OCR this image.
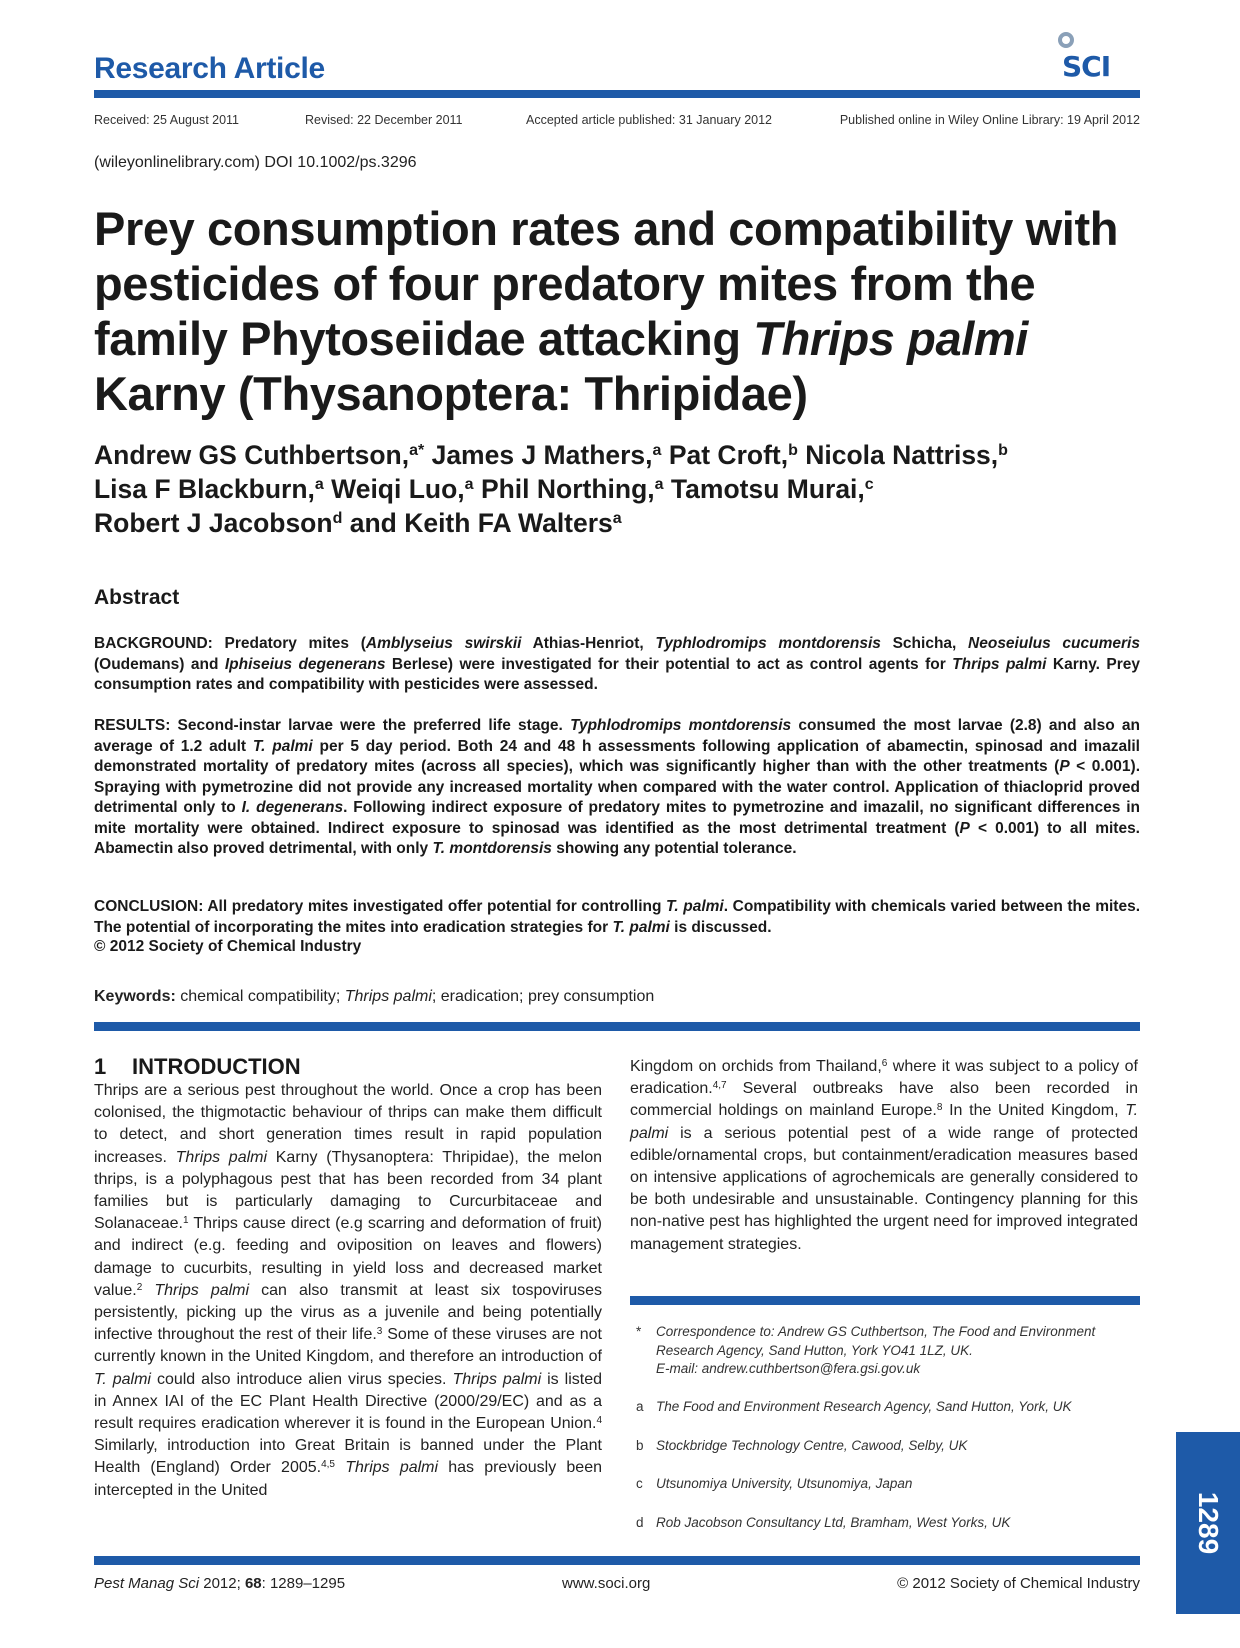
Research Article	SCI
Received: 25 August 2011	Revised: 22 December 2011	Accepted article published: 31 January 2012	Published online in Wiley Online Library: 19 April 2012
(wileyonlinelibrary.com) DOI 10.1002/ps.3296
Prey consumption rates and compatibility with pesticides of four predatory mites from the family Phytoseiidae attacking Thrips palmi Karny (Thysanoptera: Thripidae)
Andrew GS Cuthbertson,$^{a*}$ James J Mathers,$^a$ Pat Croft,$^b$ Nicola Nattriss,$^b$
Lisa F Blackburn,$^a$ Weiqi Luo,$^a$ Phil Northing,$^a$ Tamotsu Murai,$^c$
Robert J Jacobson$^d$ and Keith FA Walters$^a$
Abstract
BACKGROUND: Predatory mites (Amblyseius swirskii Athias-Henriot, Typhlodromips montdorensis Schicha, Neoseiulus cucumeris (Oudemans) and Iphiseius degenerans Berlese) were investigated for their potential to act as control agents for Thrips palmi Karny. Prey consumption rates and compatibility with pesticides were assessed.
RESULTS: Second-instar larvae were the preferred life stage. Typhlodromips montdorensis consumed the most larvae (2.8) and also an average of 1.2 adult T. palmi per 5 day period. Both 24 and 48 h assessments following application of abamectin, spinosad and imazalil demonstrated mortality of predatory mites (across all species), which was significantly higher than with the other treatments (P < 0.001). Spraying with pymetrozine did not provide any increased mortality when compared with the water control. Application of thiacloprid proved detrimental only to I. degenerans. Following indirect exposure of predatory mites to pymetrozine and imazalil, no significant differences in mite mortality were obtained. Indirect exposure to spinosad was identified as the most detrimental treatment (P < 0.001) to all mites. Abamectin also proved detrimental, with only T. montdorensis showing any potential tolerance.
CONCLUSION: All predatory mites investigated offer potential for controlling T. palmi. Compatibility with chemicals varied between the mites. The potential of incorporating the mites into eradication strategies for T. palmi is discussed.
© 2012 Society of Chemical Industry
Keywords: chemical compatibility; Thrips palmi; eradication; prey consumption
1 INTRODUCTION
Thrips are a serious pest throughout the world. Once a crop has been colonised, the thigmotactic behaviour of thrips can make them difficult to detect, and short generation times result in rapid population increases. Thrips palmi Karny (Thysanoptera: Thripidae), the melon thrips, is a polyphagous pest that has been recorded from 34 plant families but is particularly damaging to Curcurbitaceae and Solanaceae.$^1$ Thrips cause direct (e.g scarring and deformation of fruit) and indirect (e.g. feeding and oviposition on leaves and flowers) damage to cucurbits, resulting in yield loss and decreased market value.$^2$ Thrips palmi can also transmit at least six tospoviruses persistently, picking up the virus as a juvenile and being potentially infective throughout the rest of their life.$^3$ Some of these viruses are not currently known in the United Kingdom, and therefore an introduction of T. palmi could also introduce alien virus species. Thrips palmi is listed in Annex IAI of the EC Plant Health Directive (2000/29/EC) and as a result requires eradication wherever it is found in the European Union.$^4$ Similarly, introduction into Great Britain is banned under the Plant Health (England) Order 2005.$^{4,5}$ Thrips palmi has previously been intercepted in the United
Kingdom on orchids from Thailand,$^6$ where it was subject to a policy of eradication.$^{4,7}$ Several outbreaks have also been recorded in commercial holdings on mainland Europe.$^8$ In the United Kingdom, T. palmi is a serious potential pest of a wide range of protected edible/ornamental crops, but containment/eradication measures based on intensive applications of agrochemicals are generally considered to be both undesirable and unsustainable. Contingency planning for this non-native pest has highlighted the urgent need for improved integrated management strategies.
* Correspondence to: Andrew GS Cuthbertson, The Food and Environment Research Agency, Sand Hutton, York YO41 1LZ, UK.
E-mail: andrew.cuthbertson@fera.gsi.gov.uk
a The Food and Environment Research Agency, Sand Hutton, York, UK
b Stockbridge Technology Centre, Cawood, Selby, UK
c Utsunomiya University, Utsunomiya, Japan
d Rob Jacobson Consultancy Ltd, Bramham, West Yorks, UK	1289
Pest Manag Sci 2012; 68: 1289–1295	www.soci.org	© 2012 Society of Chemical Industry
